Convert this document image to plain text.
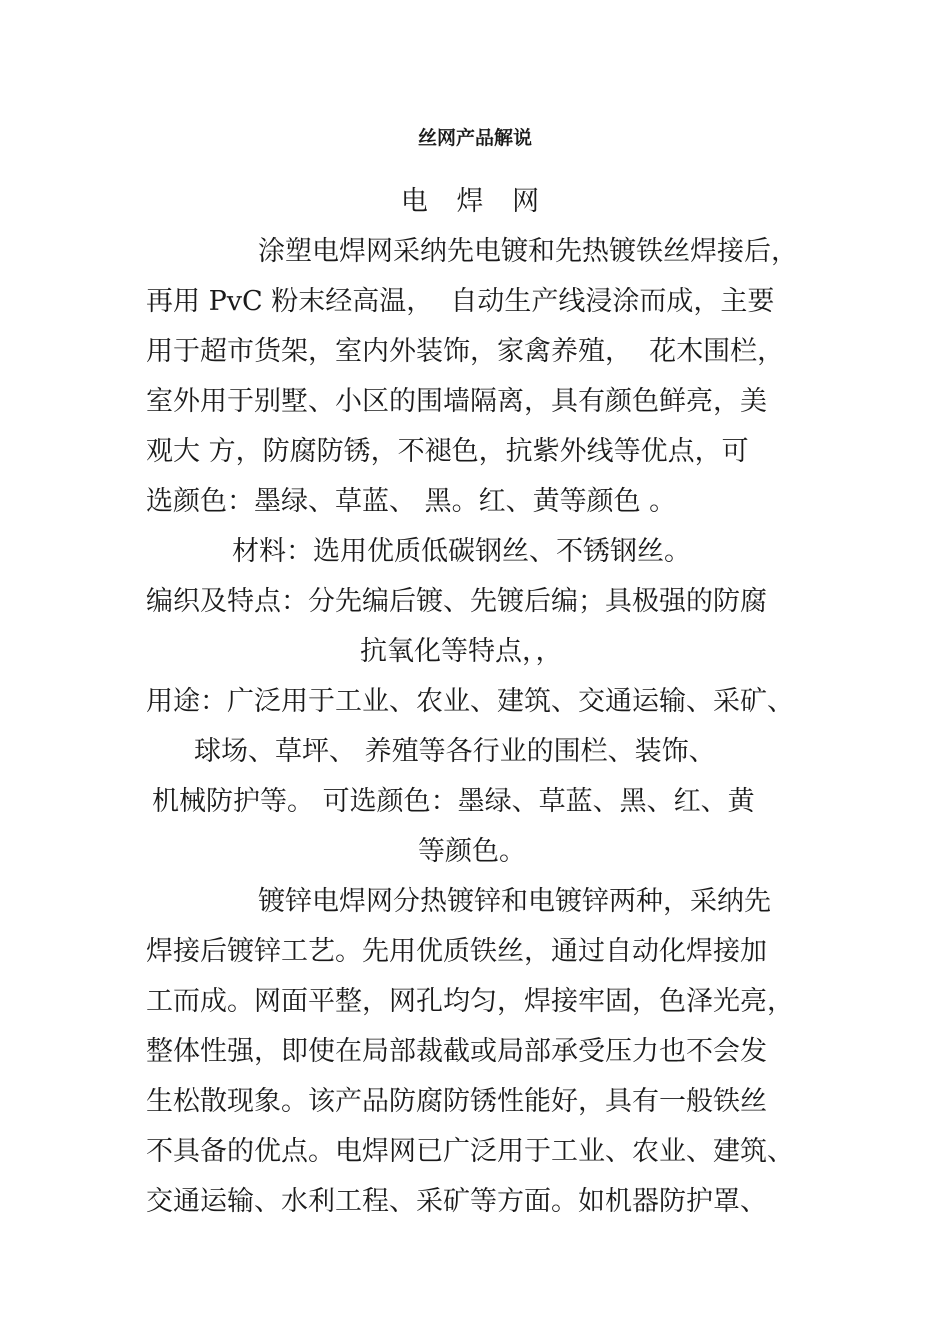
丝网产品解说
电 焊 网

涂塑电焊网采纳先电镀和先热镀铁丝焊接后，

再用 PvC 粉末经高温，  自动生产线浸涂而成，主要

用于超市货架，室内外装饰，家禽养殖，  花木围栏，

室外用于别墅、小区的围墙隔离，具有颜色鲜亮，美

观大 方，防腐防锈，不褪色，抗紫外线等优点，可

选颜色：墨绿、草蓝、 黑。红、黄等颜色 。

材料：选用优质低碳钢丝、不锈钢丝。

编织及特点：分先编后镀、先镀后编；具极强的防腐

抗氧化等特点，，

用途：广泛用于工业、农业、建筑、交通运输、采矿、

球场、草坪、 养殖等各行业的围栏、装饰、

机械防护等。 可选颜色：墨绿、草蓝、黑、红、黄

等颜色。

镀锌电焊网分热镀锌和电镀锌两种，采纳先

焊接后镀锌工艺。先用优质铁丝，通过自动化焊接加

工而成。网面平整，网孔均匀，焊接牢固，色泽光亮，

整体性强，即使在局部裁截或局部承受压力也不会发

生松散现象。该产品防腐防锈性能好，具有一般铁丝

不具备的优点。电焊网已广泛用于工业、农业、建筑、

交通运输、水利工程、采矿等方面。如机器防护罩、
